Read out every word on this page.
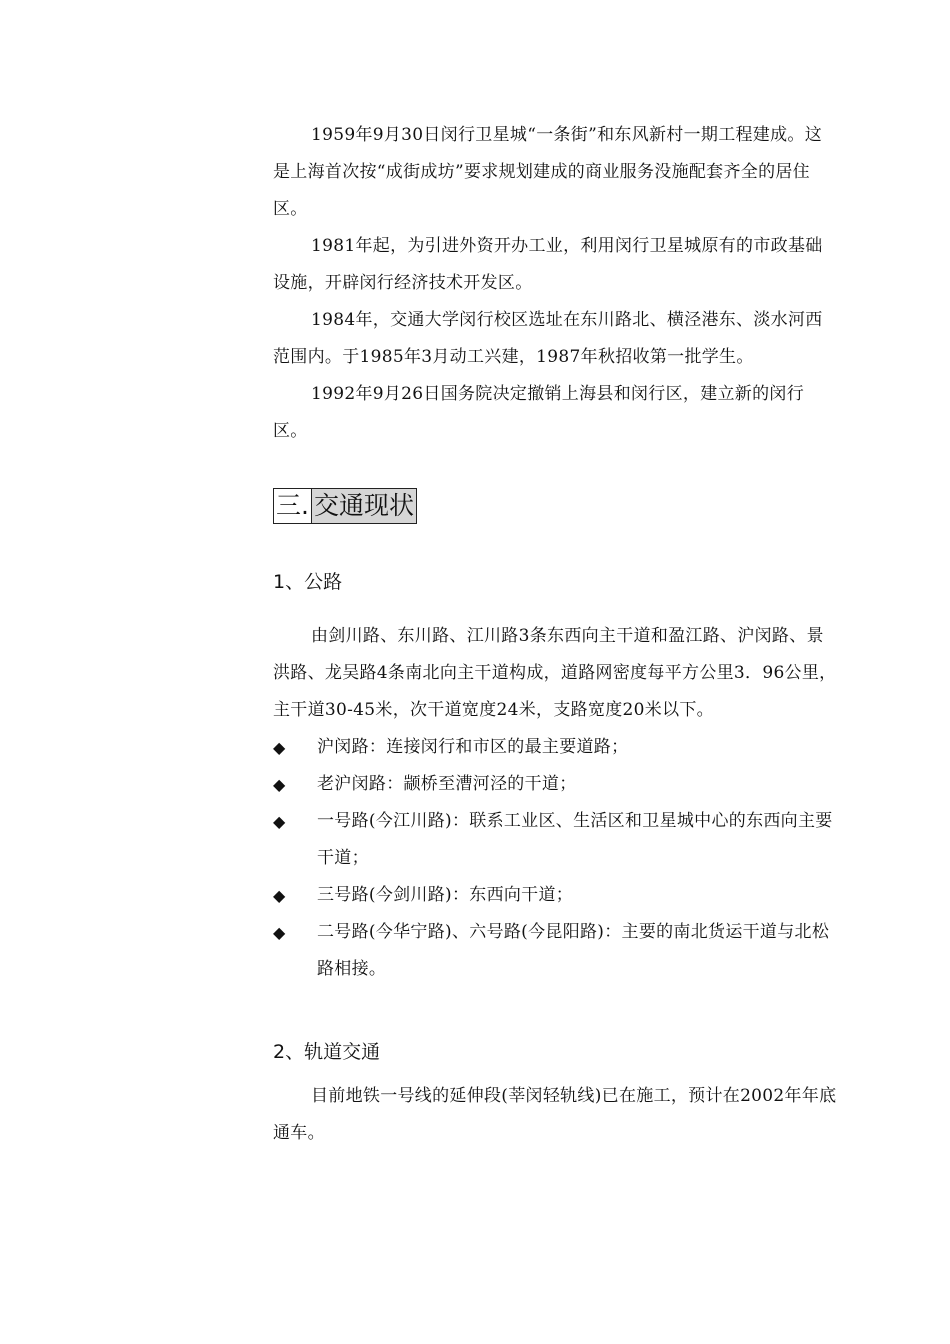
1959年9月30日闵行卫星城“一条街”和东风新村一期工程建成。这是上海首次按“成街成坊”要求规划建成的商业服务没施配套齐全的居住区。

1981年起，为引进外资开办工业，利用闵行卫星城原有的市政基础设施，开辟闵行经济技术开发区。

1984年，交通大学闵行校区选址在东川路北、横泾港东、淡水河西范围内。于1985年3月动工兴建，1987年秋招收第一批学生。

1992年9月26日国务院决定撤销上海县和闵行区，建立新的闵行区。

三. 交通现状
1、公路

由剑川路、东川路、江川路3条东西向主干道和盈江路、沪闵路、景洪路、龙吴路4条南北向主干道构成，道路网密度每平方公里3．96公里，主干道30-45米，次干道宽度24米，支路宽度20米以下。

◆	沪闵路：连接闵行和市区的最主要道路；
◆	老沪闵路：颛桥至漕河泾的干道；
◆	一号路(今江川路)：联系工业区、生活区和卫星城中心的东西向主要干道；
◆	三号路(今剑川路)：东西向干道；
◆	二号路(今华宁路)、六号路(今昆阳路)：主要的南北货运干道与北松路相接。
2、轨道交通

目前地铁一号线的延伸段(莘闵轻轨线)已在施工，预计在2002年年底通车。
